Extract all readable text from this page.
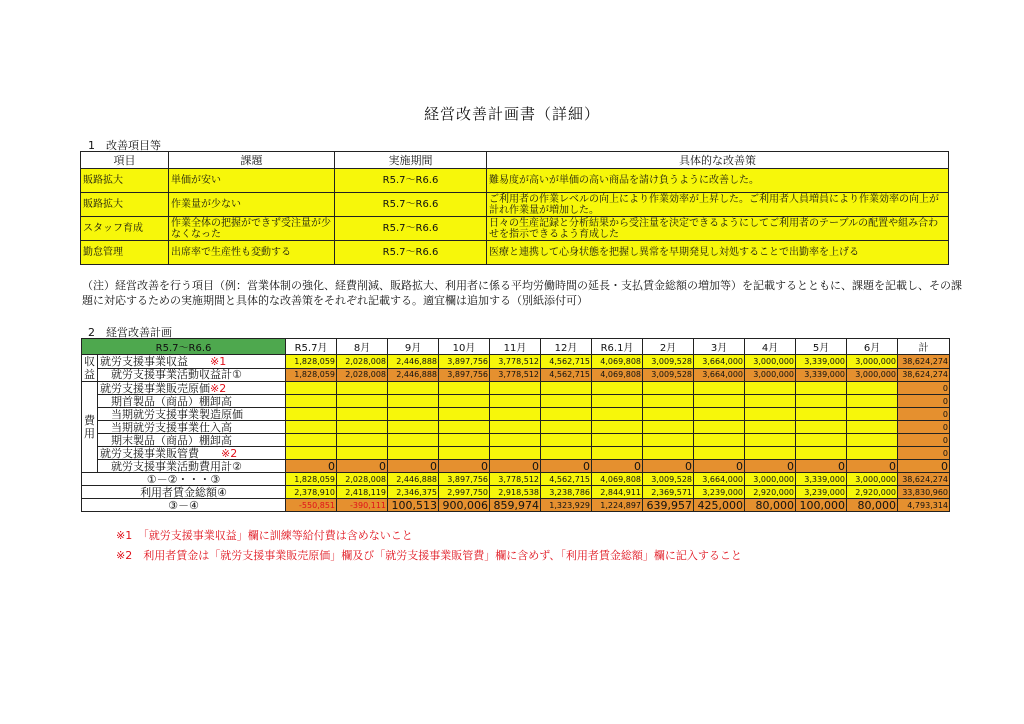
経営改善計画書（詳細）
1　改善項目等
項目	課題	実施期間	具体的な改善策
販路拡大	単価が安い	R5.7～R6.6	難易度が高いが単価の高い商品を請け負うように改善した。
販路拡大	作業量が少ない	R5.7～R6.6	ご利用者の作業レベルの向上により作業効率が上昇した。ご利用者人員増員により作業効率の向上が計れ作業量が増加した。
スタッフ育成	作業全体の把握ができず受注量が少なくなった	R5.7～R6.6	日々の生産記録と分析結果から受注量を決定できるようにしてご利用者のテーブルの配置や組み合わせを指示できるよう育成した
勤怠管理	出席率で生産性も変動する	R5.7～R6.6	医療と連携して心身状態を把握し異常を早期発見し対処することで出勤率を上げる
（注）経営改善を行う項目（例：営業体制の強化、経費削減、販路拡大、利用者に係る平均労働時間の延長・支払賃金総額の増加等）を記載するとともに、課題を記載し、その課題に対応するための実施期間と具体的な改善策をそれぞれ記載する。適宜欄は追加する（別紙添付可）
2　経営改善計画
R5.7～R6.6		R5.7月	8月	9月	10月	11月	12月	R6.1月	2月	3月	4月	5月	6月	計
収益	就労支援事業収益　　 ※1	1,828,059	2,028,008	2,446,888	3,897,756	3,778,512	4,562,715	4,069,808	3,009,528	3,664,000	3,000,000	3,339,000	3,000,000	38,624,274
	　就労支援事業活動収益計①	1,828,059	2,028,008	2,446,888	3,897,756	3,778,512	4,562,715	4,069,808	3,009,528	3,664,000	3,000,000	3,339,000	3,000,000	38,624,274
費用	就労支援事業販売原価※2													0
	　期首製品（商品）棚卸高													0
	　当期就労支援事業製造原価													0
	　当期就労支援事業仕入高													0
	　期末製品（商品）棚卸高													0
	就労支援事業販管費　　 ※2													0
	　就労支援事業活動費用計②	0	0	0	0	0	0	0	0	0	0	0	0	0
①－②・・・③		1,828,059	2,028,008	2,446,888	3,897,756	3,778,512	4,562,715	4,069,808	3,009,528	3,664,000	3,000,000	3,339,000	3,000,000	38,624,274
利用者賃金総額④		2,378,910	2,418,119	2,346,375	2,997,750	2,918,538	3,238,786	2,844,911	2,369,571	3,239,000	2,920,000	3,239,000	2,920,000	33,830,960
③－④		-550,851	-390,111	100,513	900,006	859,974	1,323,929	1,224,897	639,957	425,000	80,000	100,000	80,000	4,793,314
※1　 「就労支援事業収益」欄に訓練等給付費は含めないこと
※2　 利用者賃金は「就労支援事業販売原価」欄及び「就労支援事業販管費」欄に含めず、「利用者賃金総額」欄に記入すること
